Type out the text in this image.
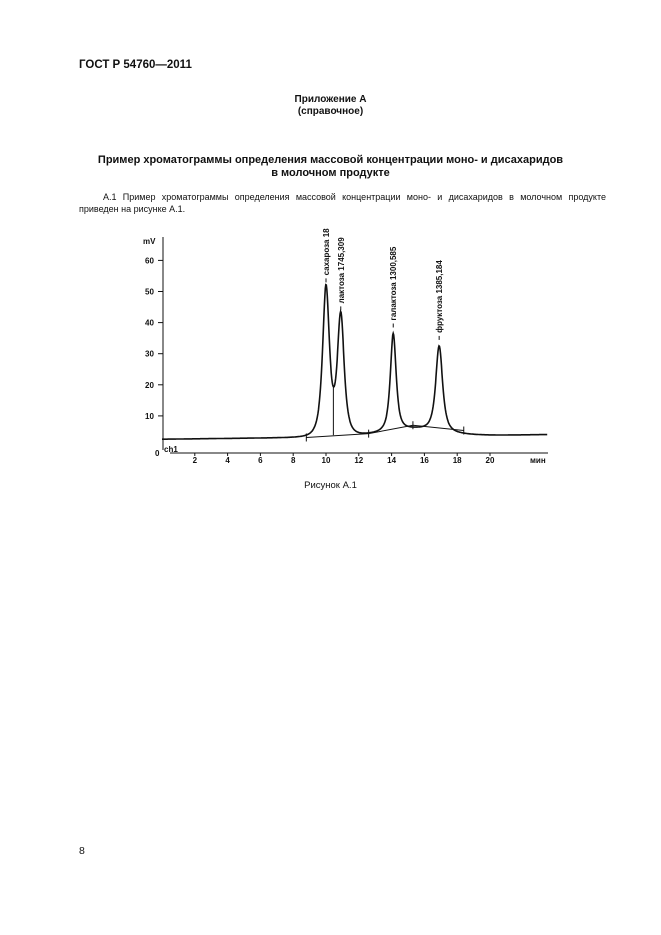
ГОСТ Р 54760—2011
Приложение А
(справочное)
Пример хроматограммы определения массовой концентрации моно- и дисахаридов
в молочном продукте
А.1 Пример хроматограммы определения массовой концентрации моно- и дисахаридов в молочном продукте приведен на рисунке А.1.
mV
ch1
0
мин
10
20
30
40
50
60
2	4	6	8	10	12	14	16	18	20
сахароза 18 лактоза 1745,309	галактоза 1300,585	фруктоза 1385,184
Рисунок А.1
8
